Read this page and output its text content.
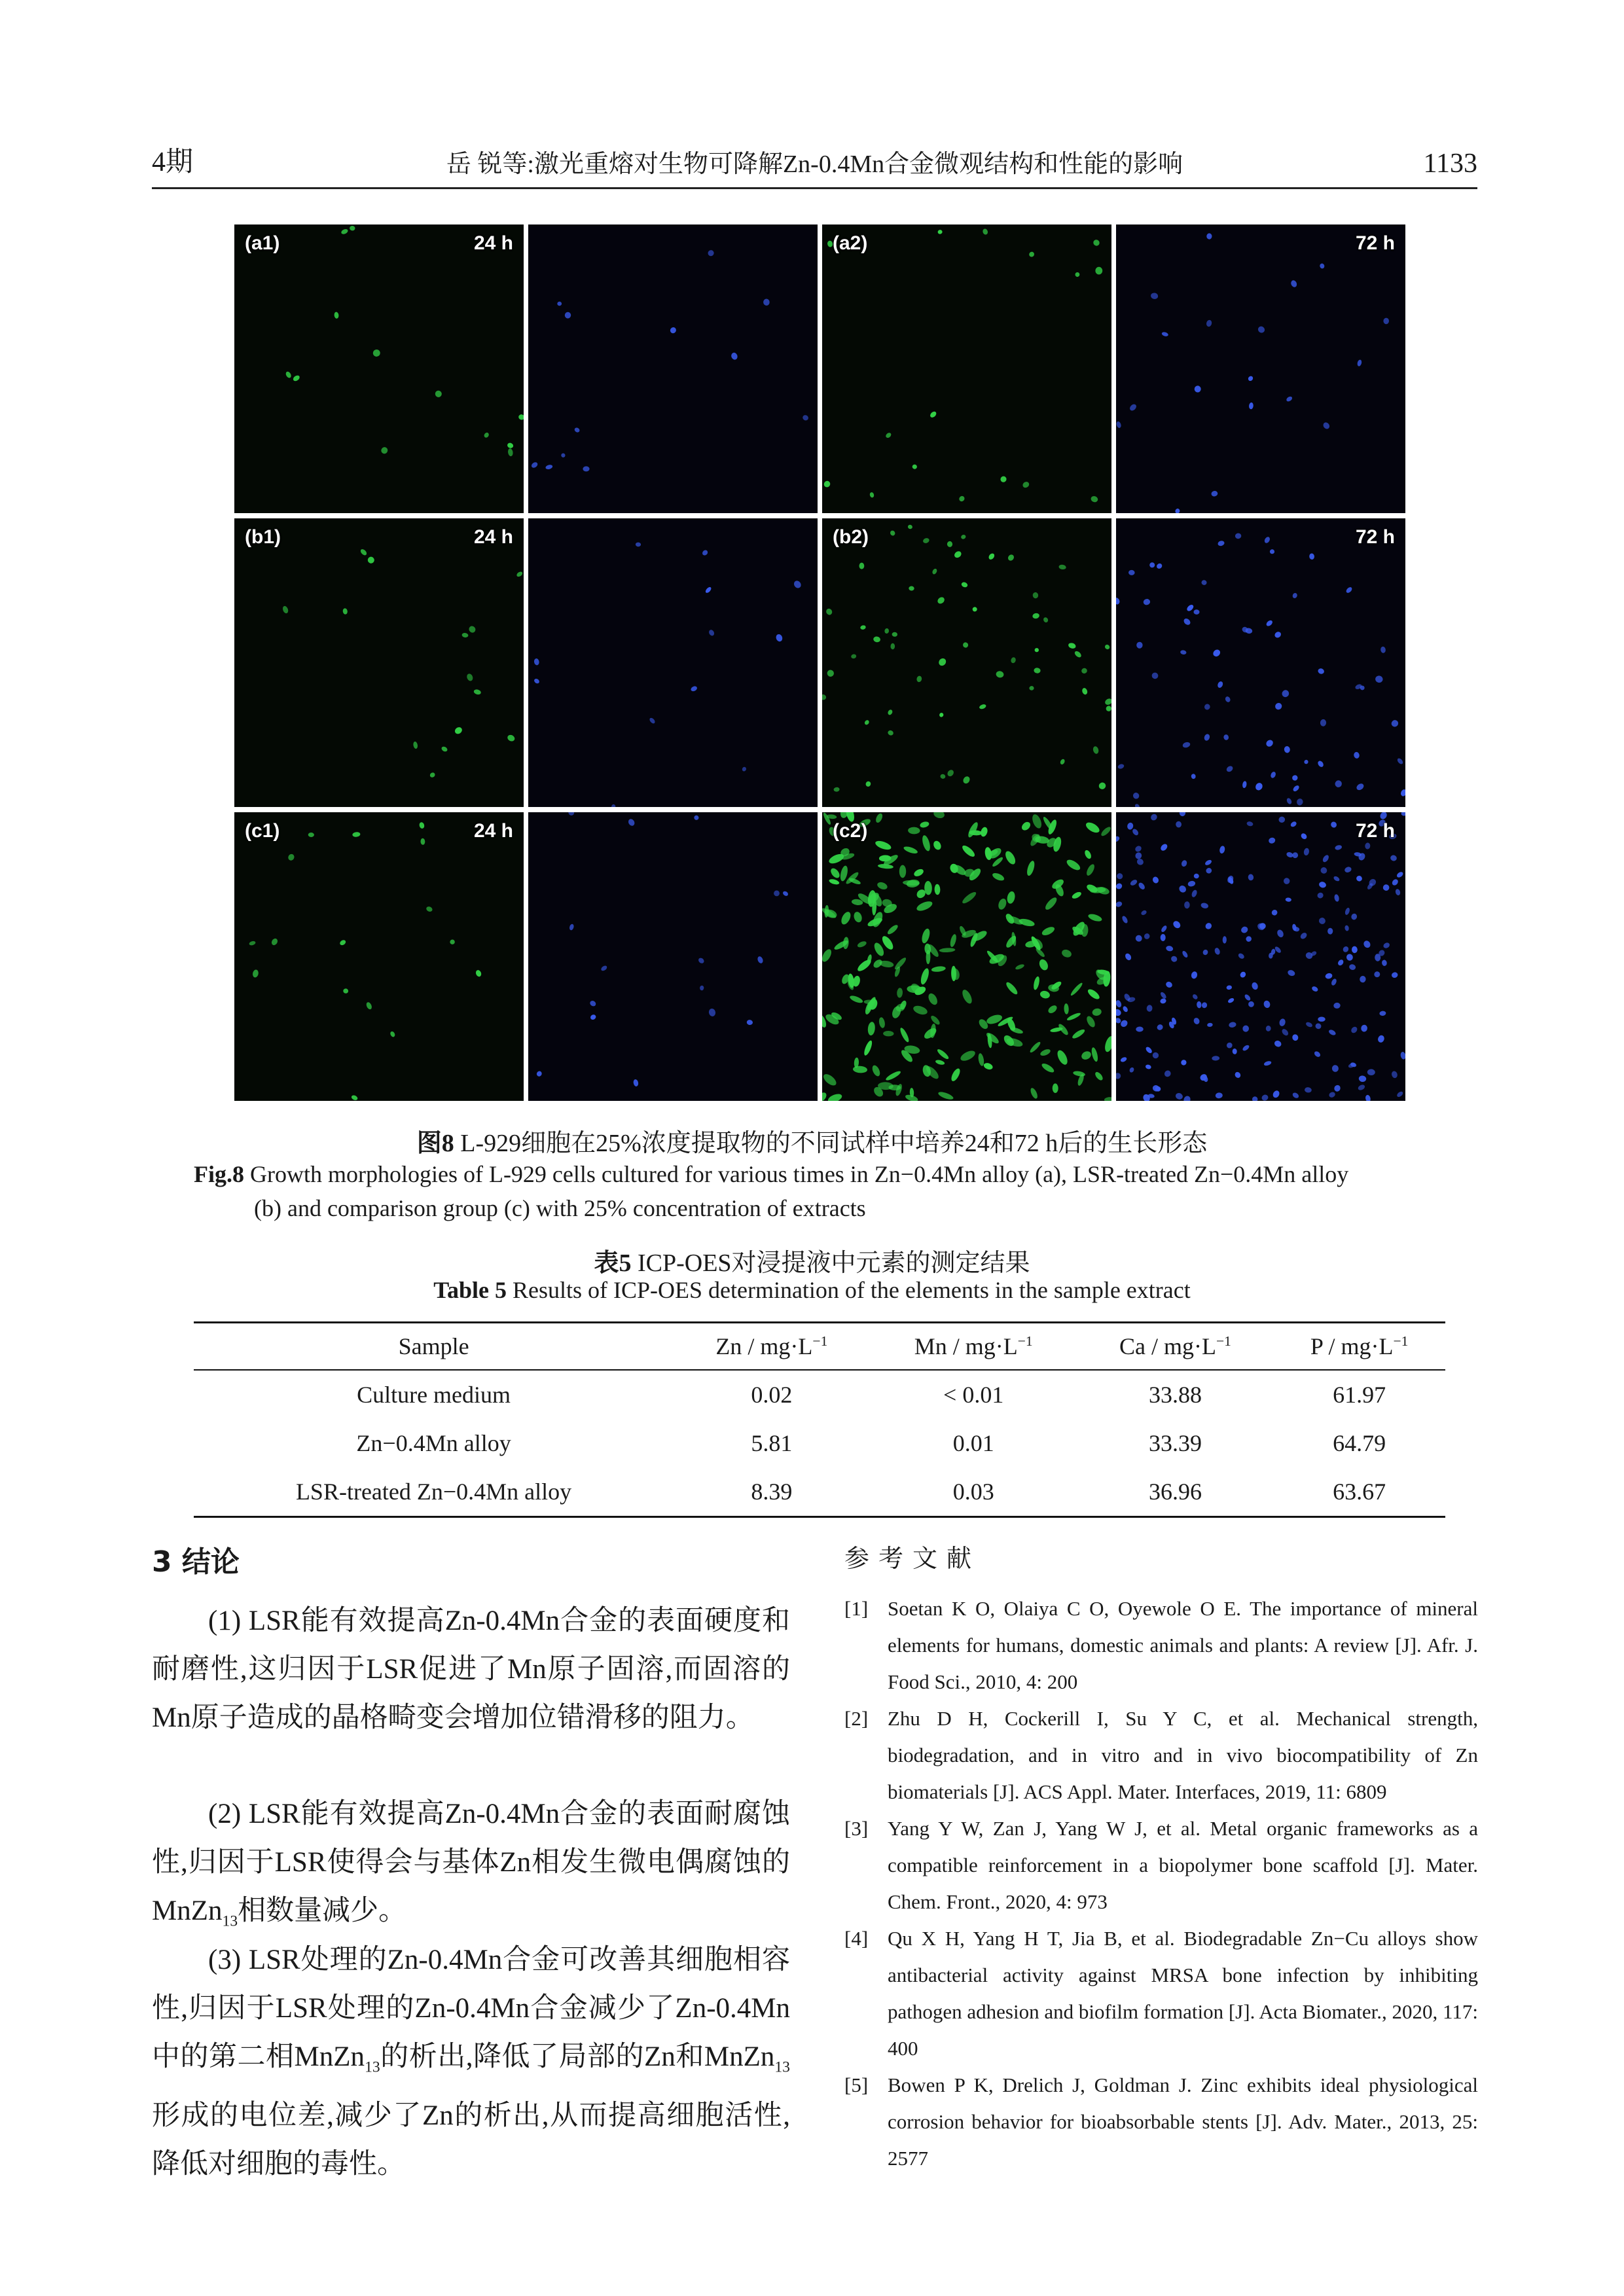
4期	岳 锐等:激光重熔对生物可降解Zn-0.4Mn合金微观结构和性能的影响	1133
(a1)	24 h	(a2)	72 h
(b1)	24 h	(b2)	72 h
(c1)	24 h	(c2)	72 h
图8 L-929细胞在25%浓度提取物的不同试样中培养24和72 h后的生长形态
Fig.8 Growth morphologies of L-929 cells cultured for various times in Zn−0.4Mn alloy (a), LSR-treated Zn−0.4Mn alloy
(b) and comparison group (c) with 25% concentration of extracts
表5 ICP-OES对浸提液中元素的测定结果
Table 5 Results of ICP-OES determination of the elements in the sample extract
Sample	$Zn / mg\cdot L^{-1}$	$Mn / mg\cdot L^{-1}$	$Ca / mg\cdot L^{-1}$	$P / mg\cdot L^{-1}$
Culture medium	0.02	< 0.01	33.88	61.97
Zn−0.4Mn alloy	5.81	0.01	33.39	64.79
LSR-treated Zn−0.4Mn alloy	8.39	0.03	36.96	63.67
3 结论
(1) LSR能有效提高Zn-0.4Mn合金的表面硬度和耐磨性,这归因于LSR促进了Mn原子固溶,而固溶的Mn原子造成的晶格畸变会增加位错滑移的阻力。
(2) LSR能有效提高Zn-0.4Mn合金的表面耐腐蚀性,归因于LSR使得会与基体Zn相发生微电偶腐蚀的MnZn$_{13}$相数量减少。
(3) LSR处理的Zn-0.4Mn合金可改善其细胞相容性,归因于LSR处理的Zn-0.4Mn合金减少了Zn-0.4Mn中的第二相MnZn$_{13}$的析出,降低了局部的Zn和MnZn$_{13}$形成的电位差,减少了Zn的析出,从而提高细胞活性,降低对细胞的毒性。
参考文献
[1] Soetan K O, Olaiya C O, Oyewole O E. The importance of mineral elements for humans, domestic animals and plants: A review [J]. Afr. J. Food Sci., 2010, 4: 200
[2] Zhu D H, Cockerill I, Su Y C, et al. Mechanical strength, biodegradation, and in vitro and in vivo biocompatibility of Zn biomaterials [J]. ACS Appl. Mater. Interfaces, 2019, 11: 6809
[3] Yang Y W, Zan J, Yang W J, et al. Metal organic frameworks as a compatible reinforcement in a biopolymer bone scaffold [J]. Mater. Chem. Front., 2020, 4: 973
[4] Qu X H, Yang H T, Jia B, et al. Biodegradable Zn−Cu alloys show antibacterial activity against MRSA bone infection by inhibiting pathogen adhesion and biofilm formation [J]. Acta Biomater., 2020, 117: 400
[5] Bowen P K, Drelich J, Goldman J. Zinc exhibits ideal physiological corrosion behavior for bioabsorbable stents [J]. Adv. Mater., 2013, 25: 2577
